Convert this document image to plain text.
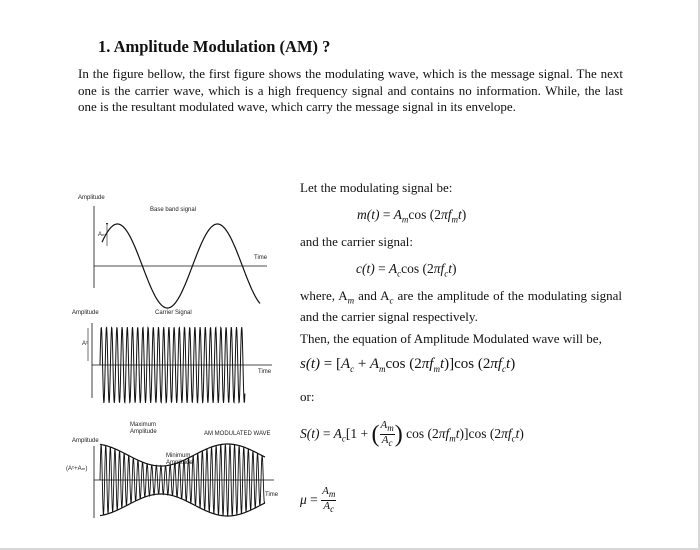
1. Amplitude Modulation (AM) ?
In the figure bellow, the first figure shows the modulating wave, which is the message signal. The next one is the carrier wave, which is a high frequency signal and contains no information. While, the last one is the resultant modulated wave, which carry the message signal in its envelope.
Amplitude
Base band signal
Aₘ
Time
Amplitude	Carrier Signal
Aᶜ
Time
Maximum
Amplitude	AM MODULATED WAVE
Amplitude
Minimum
Amplitude
(Aᶜ+Aₘ)
Time
Let the modulating signal be:
$m(t) = A_m\cos$ $(2\pi f_mt)$
and the carrier signal:
$c(t) = A_c\cos$ $(2\pi f_ct)$
where, $A_m$ and $A_c$ are the amplitude of the modulating signal and the carrier signal respectively.
Then, the equation of Amplitude Modulated wave will be,
$s(t) = [A_c + A_m\cos$ $(2\pi f_mt)]\cos$ $(2\pi f_ct)$
or:
$S(t) = A_c[1$ + ( $\frac{A_m}{A_c}$ ) $\cos (2\pi f_mt)]\cos$ $(2\pi f_ct)$
$\mu = \frac{A_m}{A_c}$
